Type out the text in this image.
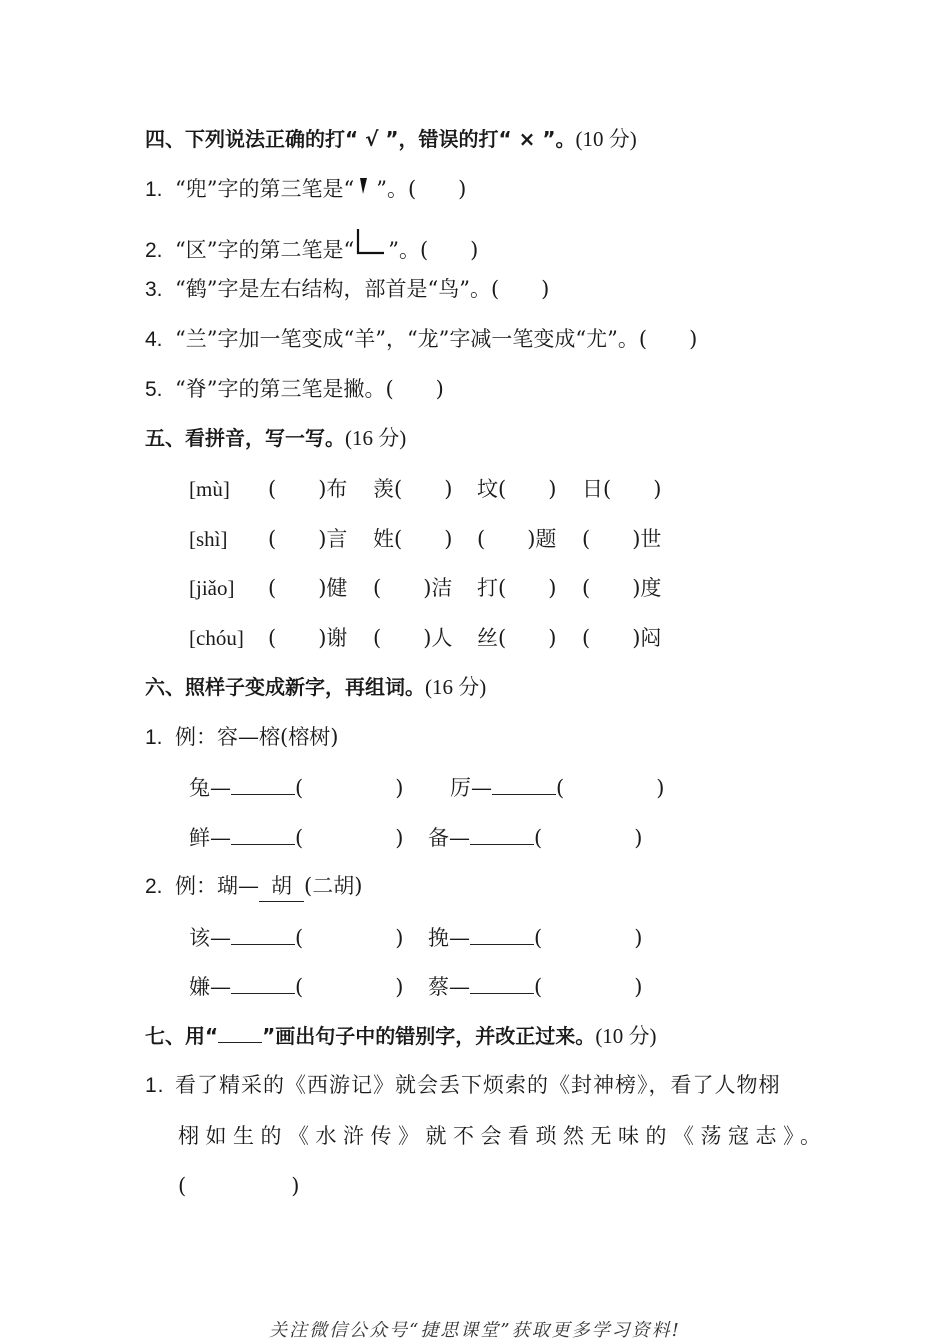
四、下列说法正确的打“ √ ”，错误的打“ × ”。(10 分)
1. “兜”字的第三笔是“ ”。(　　)
2. “区”字的第二笔是“ ”。(　　)
3. “鹤”字是左右结构，部首是“鸟”。(　　)
4. “兰”字加一笔变成“羊”，“龙”字减一笔变成“尤”。(　　)
5. “脊”字的第三笔是撇。(　　)
五、看拼音，写一写。(16 分)
[mù] (　　)布 羡(　　) 坟(　　) 日(　　)
[shì] (　　)言 姓(　　) (　　)题 (　　)世
[jiǎo] (　　)健 (　　)洁 打(　　) (　　)度
[chóu] (　　)谢 (　　)人 丝(　　) (　　)闷
六、照样子变成新字，再组词。(16 分)
1. 例：容—榕(榕树)
兔—	(	) 厉—	(	)
鲜—	(	) 备—	(	)
2. 例：瑚— 胡 (二胡)
该—	(	) 挽—	(	)
嫌—	(	) 蔡—	(	)
七、用“ ”画出句子中的错别字，并改正过来。(10 分)
1. 看了精采的《西游记》就会丢下烦索的《封神榜》，看了人物栩
栩如生的《水浒传》就不会看琐然无味的《荡寇志》。
(　　　　　)
关注微信公众号“捷思课堂”获取更多学习资料!
